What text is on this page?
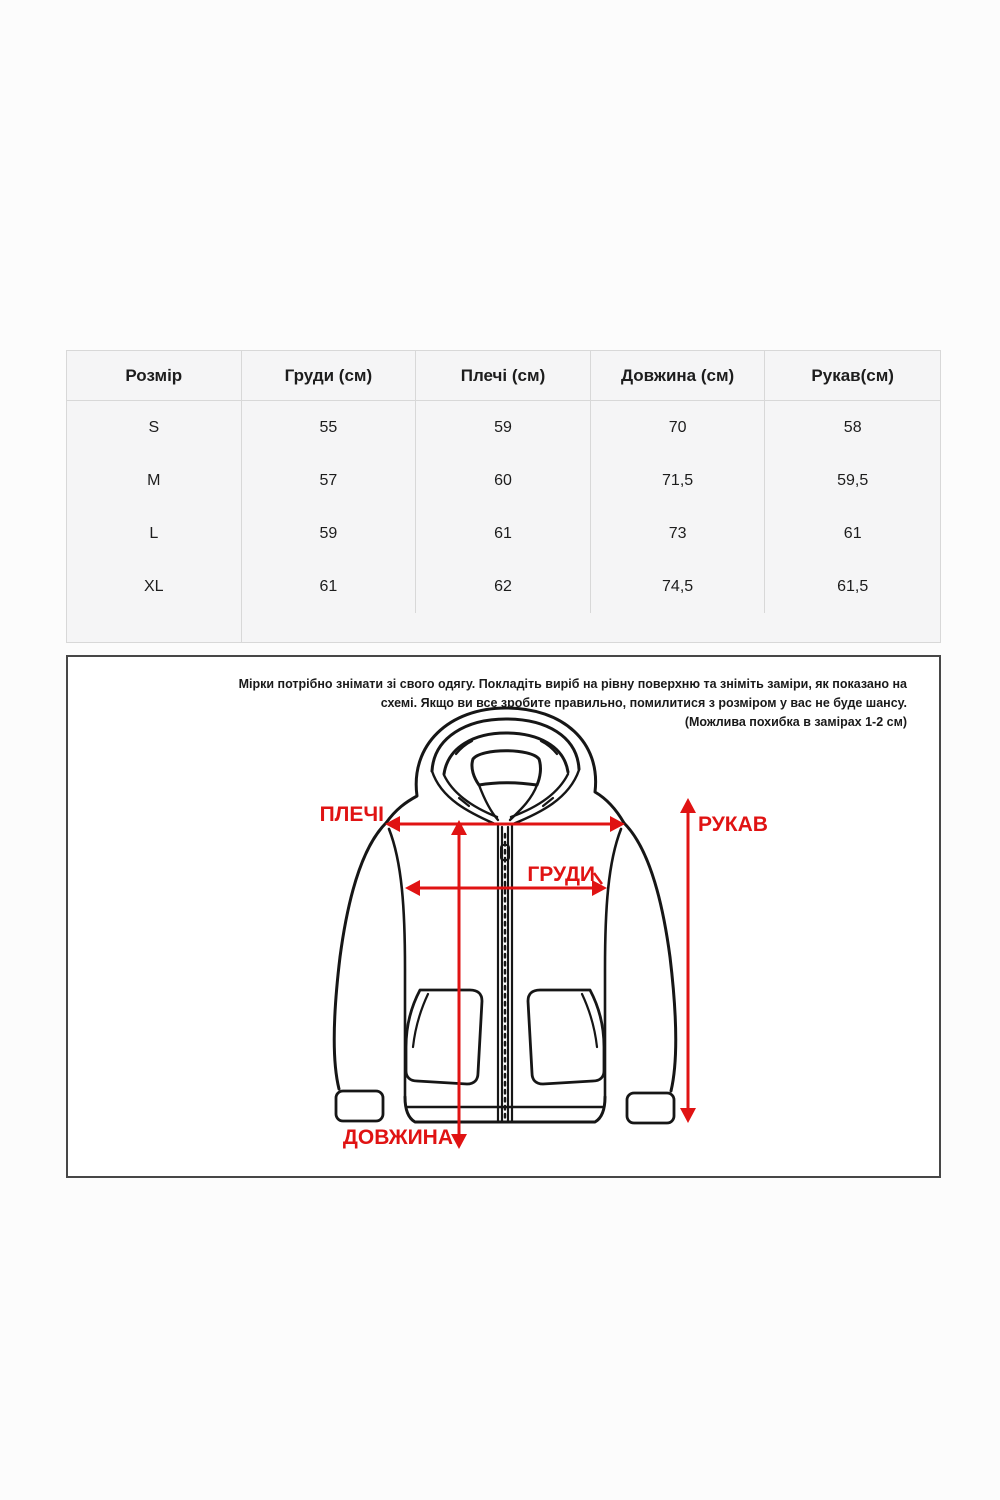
Розмір	Груди (см)	Плечі (см)	Довжина (см)	Рукав(см)
S	55	59	70	58
M	57	60	71,5	59,5
L	59	61	73	61
XL	61	62	74,5	61,5
Мірки потрібно знімати зі свого одягу. Покладіть виріб на рівну поверхню та зніміть заміри, як показано на
схемі. Якщо ви все зробите правильно, помилитися з розміром у вас не буде шансу.
(Можлива похибка в замірах 1-2 см)
ПЛЕЧІ	РУКАВ
ГРУДИ
ДОВЖИНА
